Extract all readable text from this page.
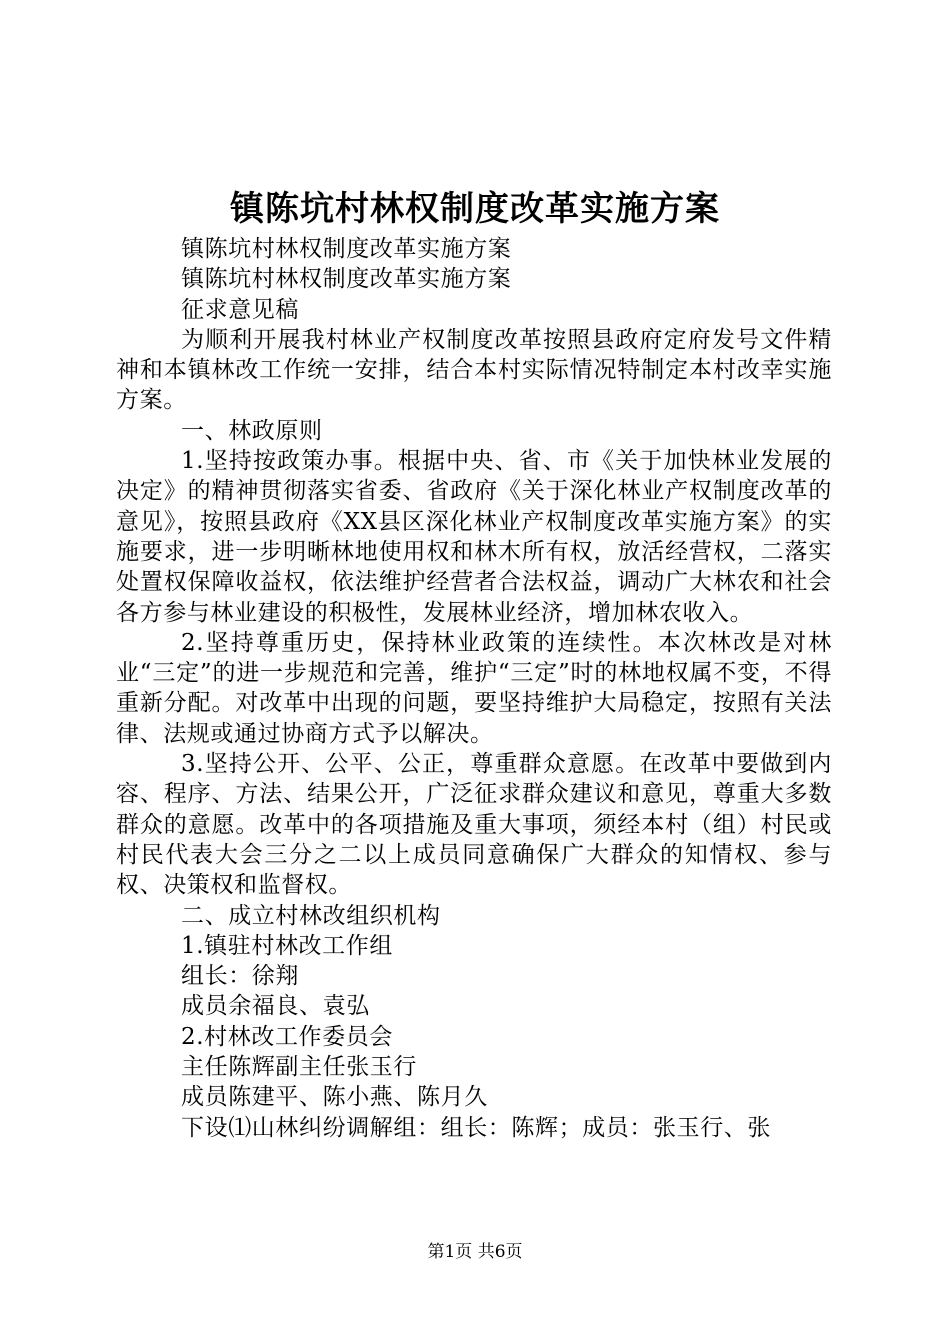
镇陈坑村林权制度改革实施方案

镇陈坑村林权制度改革实施方案

镇陈坑村林权制度改革实施方案

征求意见稿

为顺利开展我村林业产权制度改革按照县政府定府发号文件精神和本镇林改工作统一安排，结合本村实际情况特制定本村改幸实施方案。

一、林政原则

1.坚持按政策办事。根据中央、省、市《关于加快林业发展的决定》的精神贯彻落实省委、省政府《关于深化林业产权制度改革的意见》，按照县政府《XX县区深化林业产权制度改革实施方案》的实施要求，进一步明晰林地使用权和林木所有权，放活经营权，二落实处置权保障收益权，依法维护经营者合法权益，调动广大林农和社会各方参与林业建设的积极性，发展林业经济，增加林农收入。

2.坚持尊重历史，保持林业政策的连续性。本次林改是对林业“三定”的进一步规范和完善，维护“三定”时的林地权属不变，不得重新分配。对改革中出现的问题，要坚持维护大局稳定，按照有关法律、法规或通过协商方式予以解决。

3.坚持公开、公平、公正，尊重群众意愿。在改革中要做到内容、程序、方法、结果公开，广泛征求群众建议和意见，尊重大多数群众的意愿。改革中的各项措施及重大事项，须经本村（组）村民或村民代表大会三分之二以上成员同意确保广大群众的知情权、参与权、决策权和监督权。

二、成立村林改组织机构

1.镇驻村林改工作组

组长：徐翔

成员余福良、袁弘

2.村林改工作委员会

主任陈辉副主任张玉行

成员陈建平、陈小燕、陈月久

下设⑴山林纠纷调解组：组长：陈辉；成员：张玉行、张

第1页 共6页
